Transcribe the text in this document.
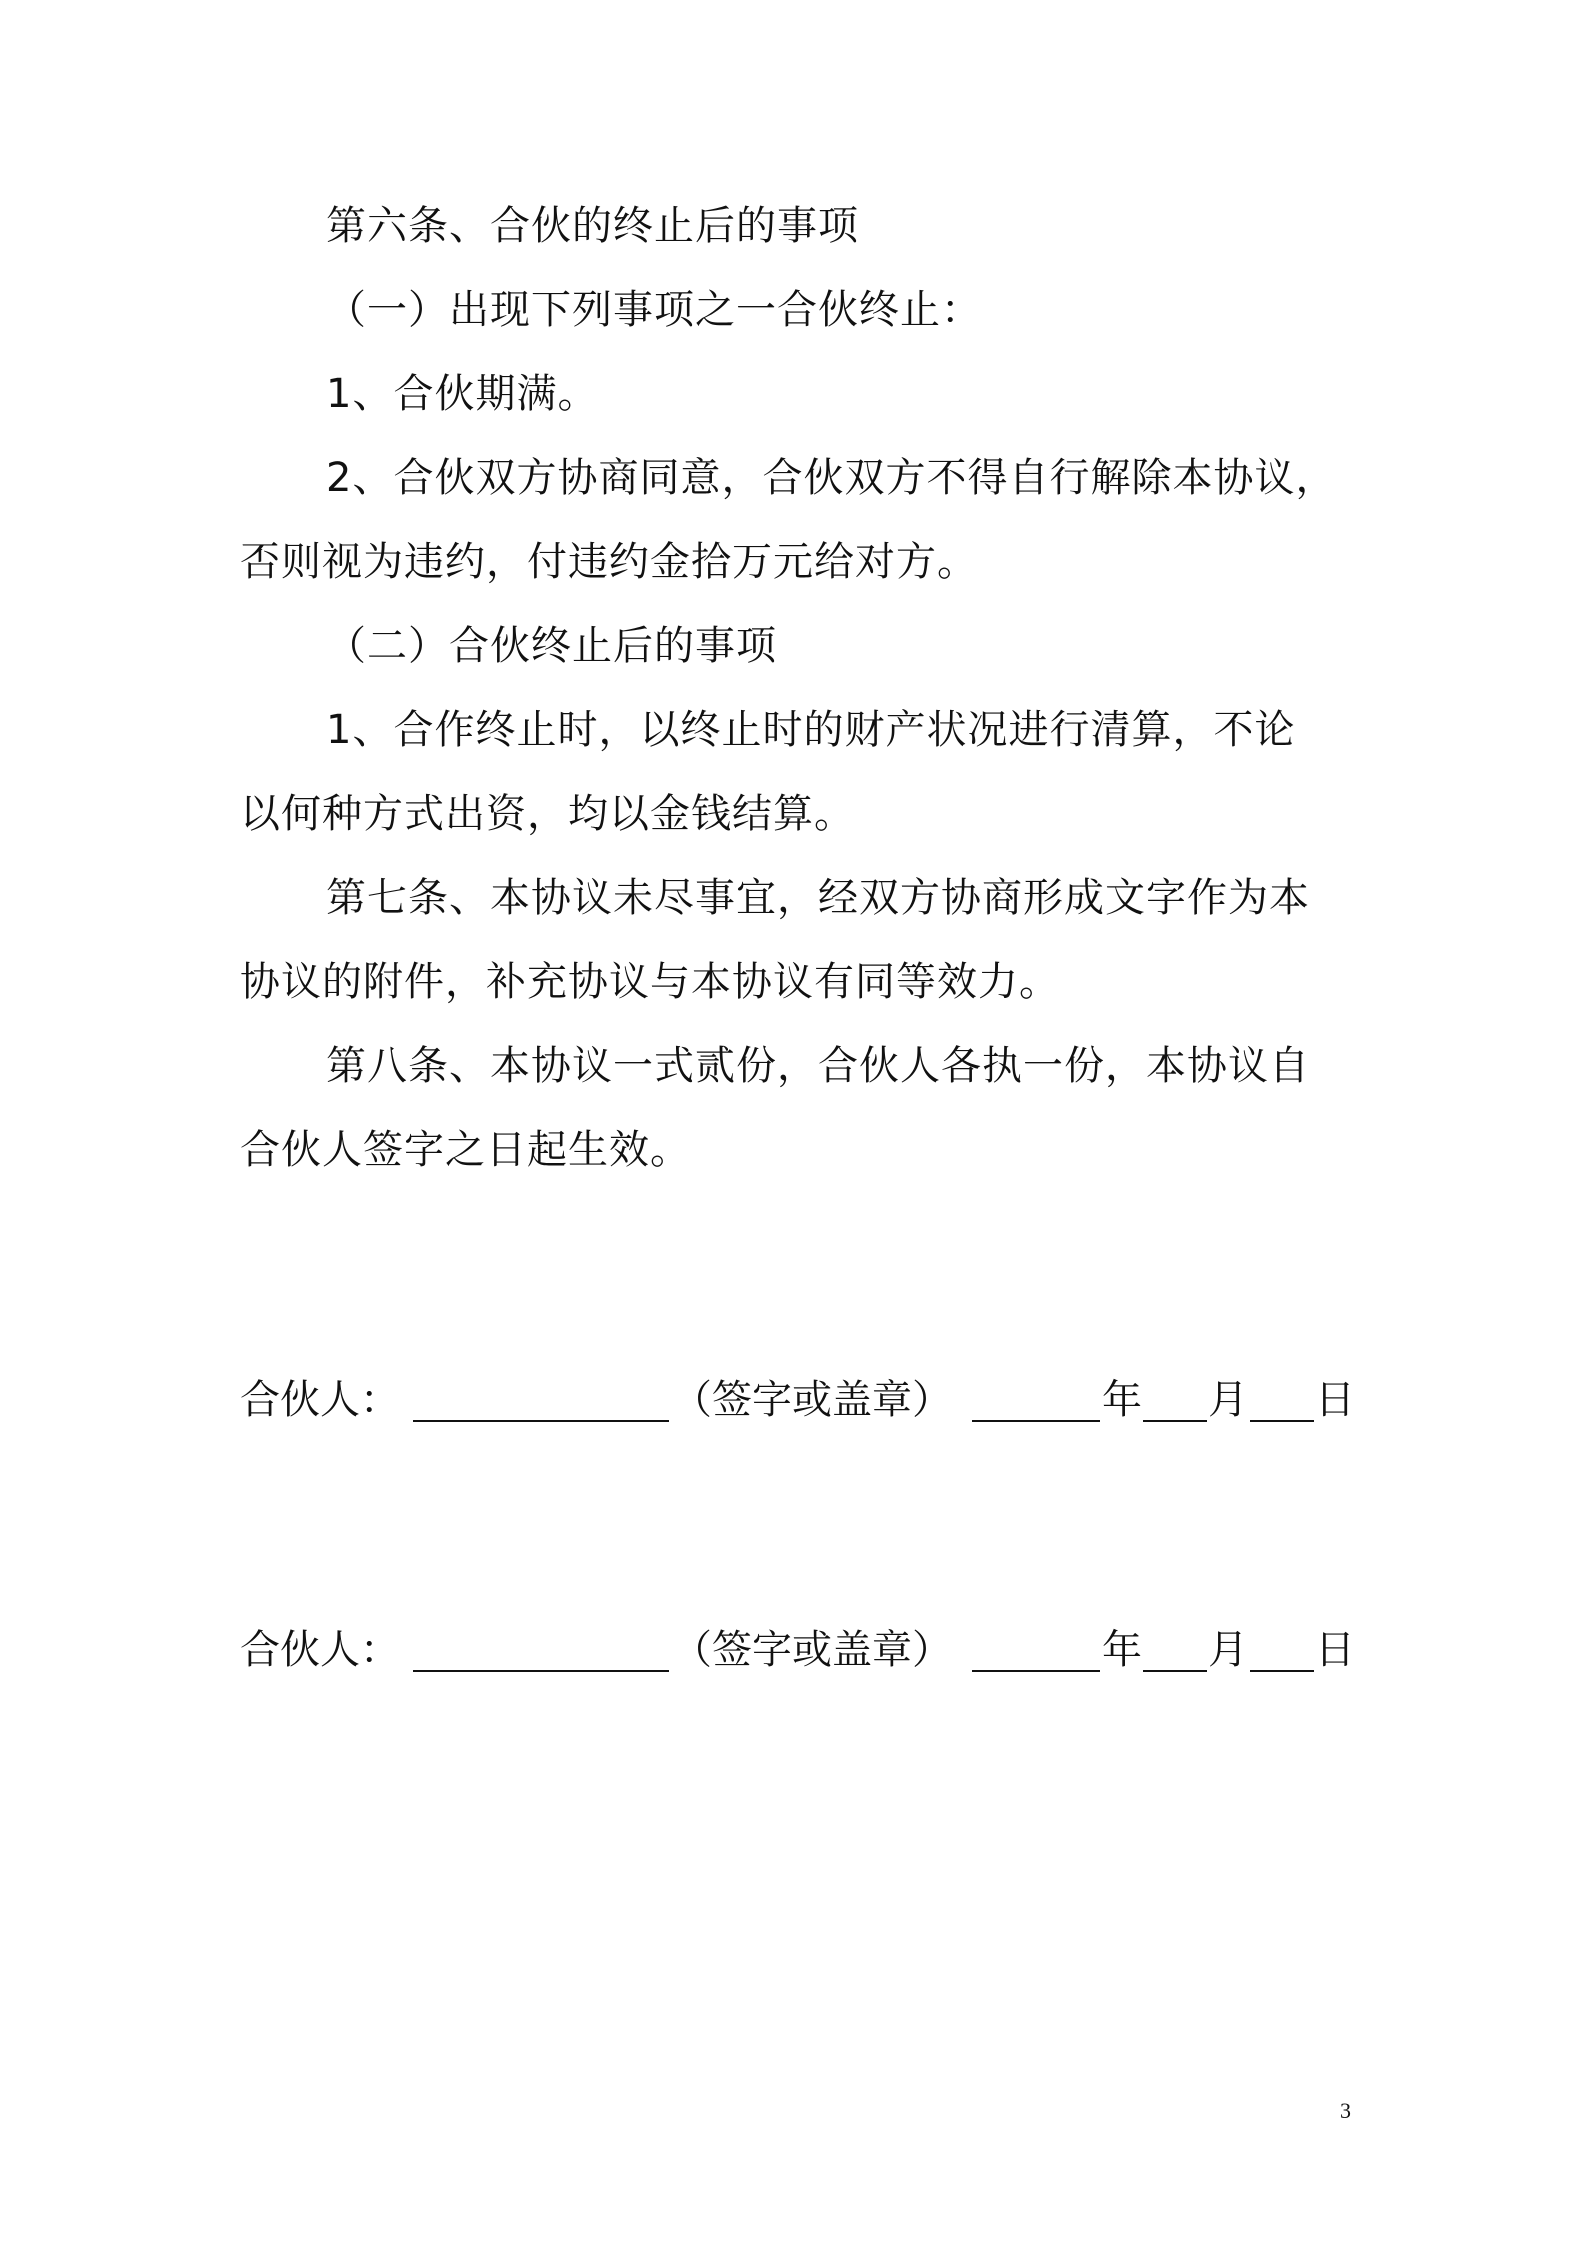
第六条、合伙的终止后的事项
（一）出现下列事项之一合伙终止：
1、合伙期满。
2、合伙双方协商同意，合伙双方不得自行解除本协议，
否则视为违约，付违约金拾万元给对方。
（二）合伙终止后的事项
1、合作终止时，以终止时的财产状况进行清算，不论
以何种方式出资，均以金钱结算。
第七条、本协议未尽事宜，经双方协商形成文字作为本
协议的附件，补充协议与本协议有同等效力。
第八条、本协议一式贰份，合伙人各执一份，本协议自
合伙人签字之日起生效。
合伙人：	（签字或盖章）	年 月 日
合伙人：	（签字或盖章）	年 月 日
3
